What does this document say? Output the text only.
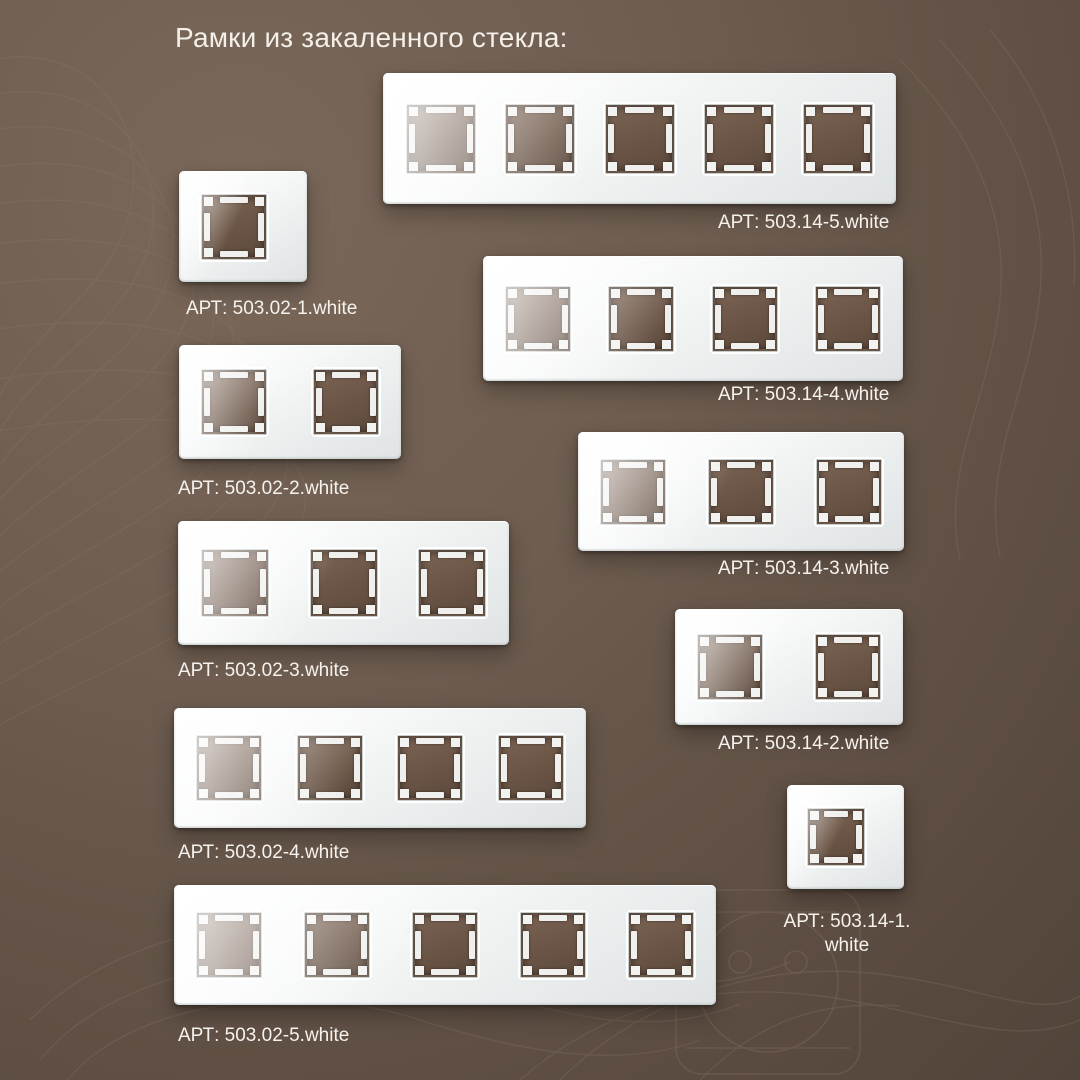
Рамки из закаленного стекла:
АРТ: 503.14-5.white
АРТ: 503.02-1.white
АРТ: 503.14-4.white
АРТ: 503.02-2.white
АРТ: 503.14-3.white
АРТ: 503.02-3.white
АРТ: 503.14-2.white
АРТ: 503.02-4.white
АРТ: 503.14-1. white
АРТ: 503.02-5.white
